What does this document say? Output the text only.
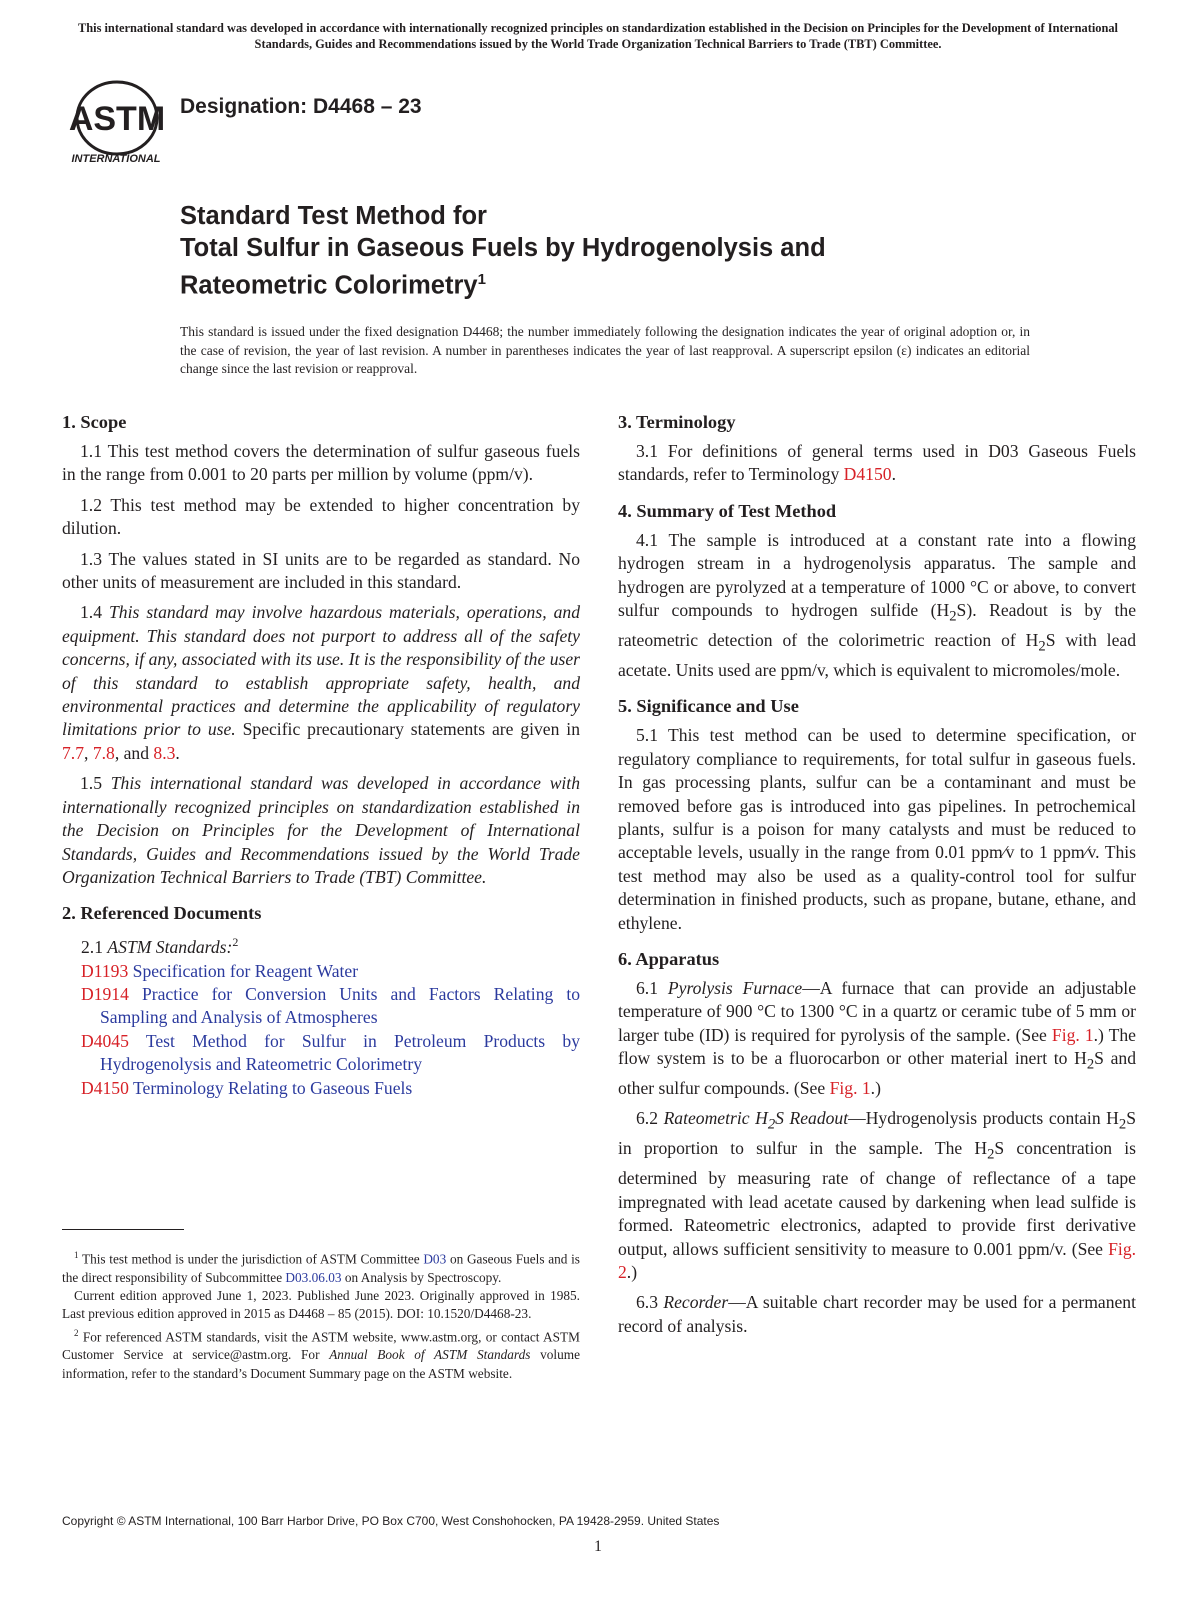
This international standard was developed in accordance with internationally recognized principles on standardization established in the Decision on Principles for the Development of International Standards, Guides and Recommendations issued by the World Trade Organization Technical Barriers to Trade (TBT) Committee.
ASTM
INTERNATIONAL
Designation: D4468 – 23
Standard Test Method for
Total Sulfur in Gaseous Fuels by Hydrogenolysis and
Rateometric Colorimetry$^1$
This standard is issued under the fixed designation D4468; the number immediately following the designation indicates the year of original adoption or, in the case of revision, the year of last revision. A number in parentheses indicates the year of last reapproval. A superscript epsilon (ε) indicates an editorial change since the last revision or reapproval.
1. Scope

1.1 This test method covers the determination of sulfur gaseous fuels in the range from 0.001 to 20 parts per million by volume (ppm/v).

1.2 This test method may be extended to higher concentration by dilution.

1.3 The values stated in SI units are to be regarded as standard. No other units of measurement are included in this standard.

1.4 This standard may involve hazardous materials, operations, and equipment. This standard does not purport to address all of the safety concerns, if any, associated with its use. It is the responsibility of the user of this standard to establish appropriate safety, health, and environmental practices and determine the applicability of regulatory limitations prior to use. Specific precautionary statements are given in 7.7, 7.8, and 8.3.

1.5 This international standard was developed in accordance with internationally recognized principles on standardization established in the Decision on Principles for the Development of International Standards, Guides and Recommendations issued by the World Trade Organization Technical Barriers to Trade (TBT) Committee.

2. Referenced Documents
2.1 ASTM Standards:$^2$
D1193 Specification for Reagent Water
D1914 Practice for Conversion Units and Factors Relating to Sampling and Analysis of Atmospheres
D4045 Test Method for Sulfur in Petroleum Products by Hydrogenolysis and Rateometric Colorimetry
D4150 Terminology Relating to Gaseous Fuels

$^1$ This test method is under the jurisdiction of ASTM Committee D03 on Gaseous Fuels and is the direct responsibility of Subcommittee D03.06.03 on Analysis by Spectroscopy.

Current edition approved June 1, 2023. Published June 2023. Originally approved in 1985. Last previous edition approved in 2015 as D4468 – 85 (2015). DOI: 10.1520/D4468-23.

$^2$ For referenced ASTM standards, visit the ASTM website, www.astm.org, or contact ASTM Customer Service at service@astm.org. For Annual Book of ASTM Standards volume information, refer to the standard’s Document Summary page on the ASTM website.

3. Terminology

3.1 For definitions of general terms used in D03 Gaseous Fuels standards, refer to Terminology D4150.

4. Summary of Test Method

4.1 The sample is introduced at a constant rate into a flowing hydrogen stream in a hydrogenolysis apparatus. The sample and hydrogen are pyrolyzed at a temperature of 1000 °C or above, to convert sulfur compounds to hydrogen sulfide $(H_2S)$. Readout is by the rateometric detection of the colorimetric reaction of $H_2S$ with lead acetate. Units used are ppm/v, which is equivalent to micromoles/mole.

5. Significance and Use

5.1 This test method can be used to determine specification, or regulatory compliance to requirements, for total sulfur in gaseous fuels. In gas processing plants, sulfur can be a contaminant and must be removed before gas is introduced into gas pipelines. In petrochemical plants, sulfur is a poison for many catalysts and must be reduced to acceptable levels, usually in the range from 0.01 ppm⁄v to 1 ppm⁄v. This test method may also be used as a quality-control tool for sulfur determination in finished products, such as propane, butane, ethane, and ethylene.

6. Apparatus

6.1 Pyrolysis Furnace—A furnace that can provide an adjustable temperature of 900 °C to 1300 °C in a quartz or ceramic tube of 5 mm or larger tube (ID) is required for pyrolysis of the sample. (See Fig. 1.) The flow system is to be a fluorocarbon or other material inert to $H_2S$ and other sulfur compounds. (See Fig. 1.)

6.2 Rateometric $H_2S$ Readout—Hydrogenolysis products contain $H_2S$ in proportion to sulfur in the sample. The $H_2S$ concentration is determined by measuring rate of change of reflectance of a tape impregnated with lead acetate caused by darkening when lead sulfide is formed. Rateometric electronics, adapted to provide first derivative output, allows sufficient sensitivity to measure to 0.001 ppm/v. (See Fig. 2.)

6.3 Recorder—A suitable chart recorder may be used for a permanent record of analysis.

Copyright © ASTM International, 100 Barr Harbor Drive, PO Box C700, West Conshohocken, PA 19428-2959. United States
1
